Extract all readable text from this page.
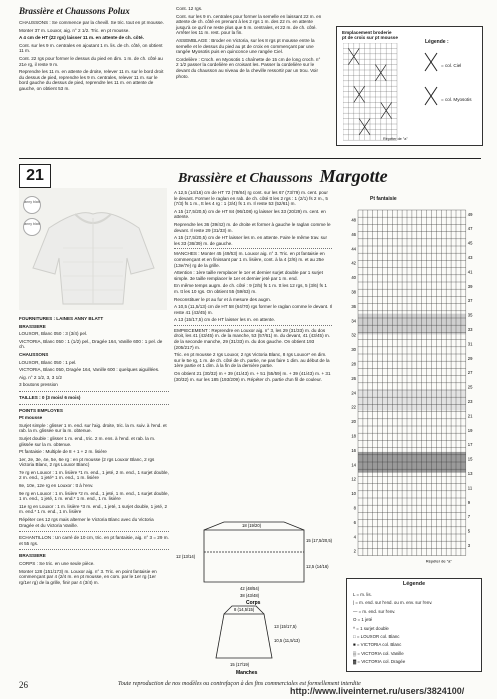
Brassière et Chaussons Polux

CHAUSSONS : Se commence par la chevill. Se tric. tout en pt mousse.

Monter 37 m. Louxor, aig. n° 2 1/2. Tric. en pt mousse.

A 4 cm de HT (22 rgs) laisser 11 m. en attente de ch. côté.

Cont. sur les 9 m. centrales en ajoutant 1 m. lis. de ch. côté, on obtient 11 m.

Cont. 22 rgs pour former le dessus du pied en dim. 1 m. de ch. côté au 21e rg, il reste 9 m.

Reprendre les 11 m. en attente de droite, relever 11 m. sur le bord droit du dessus de pied, reprendre les 9 m. centrales, relever 11 m. sur le bord gauche du dessus de pied, reprendre les 11 m. en attente de gauche, on obtient 53 m.

Cont. 12 rgs.

Cont. sur les 9 m. centrales pour former la semelle en laissant 22 m. en attente de ch. côté en prenant à les 2 rgs 1 m. des 22 m. en attente jusqu'à ce qu'il ne reste plus que 5 m. centrales, et 22 m. de ch. côté. Arrêter les 11 m. rest. pour la fin.

ASSEMBLAGE : Broder en Victoria, sur les 8 rgs pt mousse entre la semelle et le dessus du pied au pt de croix en commençant par une rangée Myosotis puis en quinconce une rangée Ciel.

Cordelière : Croch. en Myosotis 1 chaînette de 15 cm de long croch. n° 2 1/2 passer la cordelière en croisant les. Passer la cordelière sur le devant du chausson au niveau de la cheville ressortir par un trou. Voir photo.

Emplacement broderie
pt de croix sur pt mousse
Légende :
= col. Ciel
= col. Myosotis
Répéter de "a"
21	Brassière et Chaussons Margotte
anny blatt
anny blatt

FOURNITURES : LAINES ANNY BLATT

BRASSIERE

LOUXOR, Blanc 050 : 3 (3/4) pel.

VICTORIA, Blanc 050 : 1 (1/2) pel., Dragée 164, Vanille 600 : 1 pel. de ch.

CHAUSSONS

LOUXOR, Blanc 050 : 1 pel.

VICTORIA, Blanc 050, Dragée 164, Vanille 600 : quelques aiguillées.

Aig. n° 2 1/2, 3, 3 1/2

3 boutons pression

TAILLES : 0 (3 mois/ 6 mois)

POINTS EMPLOYES

Pt mousse

Surjet simple : glisser 1 m. end. sur l'aig. droite, tric. la m. suiv. à l'end. et rab. la m. glissée sur la m. obtenue.

Surjet double : glisser 1 m. end., tric. 2 m. ens. à l'end. et rab. la m. glissée sur la m. obtenue.

Pt fantaisie : Multiple de 8 + 1 + 2 m. lisière

1er, 2e, 3e, 4e, 5e, 6e rg : en pt mousse (2 rgs Louxor Blanc, 2 rgs Victoria Blanc, 2 rgs Louxor Blanc)

7e rg en Louxor : 1 m. lisière *1 m. end., 1 jeté, 2 m. end., 1 surjet double, 2 m. end., 1 jeté* 1 m. end., 1 m. lisière

8e, 10e, 12e rg en Louxor : tt à l'env.

9e rg en Louxor : 1 m. lisière *2 m. end., 1 jeté, 1 m. end., 1 surjet double, 1 m. end., 1 jeté, 1 m. end.* 1 m. end., 1 m. lisière

11e rg en Louxor : 1 m. lisière *3 m. end., 1 jeté, 1 surjet double, 1 jeté, 2 m. end.* 1 m. end., 1 m. lisière

Répéter ces 12 rgs mais alterner le Victoria Blanc avec du Victoria Dragée et du Victoria Vanille.

ECHANTILLON : Un carré de 10 cm, tric. en pt fantaisie, aig. n° 3 = 29 m. et 55 rgs.

BRASSIERE

CORPS : Se tric. en une seule pièce.

Monter 128 (151/173) m. Louxor aig. n° 3. Tric. en point fantaisie en commençant par 4 (2/4 m. en pt mousse, en com. par le 1er rg (1er rg/1er rg) de la grille, finir par 4 (3/4) m.

A 12,5 (14/16) cm de HT 72 (78/84) rg cont. sur les 67 (73/79) m. cent. pour le devant. Former le raglan en rab. de ch. côté tt les 2 rgs : 1 (2/1) fs 2 m., 5 (7/3) fs 1 m., tt les 4 rg : 1 (3/4) fs 1 m. Il reste 53 (52/61) m.

A 15 (17,5/20,5) cm de HT 84 (96/108) rg laisser les 33 (20/29) m. cent. en attente.

Reprendre les 36 (39/42) m. de droite et former à gauche le raglan comme le devant. Il reste 29 (31/33) m.

A 15 (17,5/20,5) cm de HT laisser les m. en attente. Faire le même trav. sur les 33 (36/39) m. de gauche.

MANCHES : Monter 45 (49/53) m. Louxor aig. n° 3. Tric. en pt fantaisie en commençant et en finissant par 1 m. lisière, cont. à la 4 (2/6) m. et au 25e (13e/7e) rg de la grille.

Attention : 1ère taille remplacer le 1er et dernier surjet double par 1 surjet simple. 3e taille remplacer le 1er et dernier jeté par 1 m. end.

En même temps augm. de ch. côté : 9 (2/5) fs 1 m. tt les 12 rgs, 5 (3/6) fs 1 m. tt les 10 rgs. On obtient 55 (59/63) m.

Reconstituer le pt au fur et à mesure des augm.

A 10,5 (11,5/13) cm de HT 58 (64/70) rgs former le raglan comme le devant. Il reste 41 (43/45) m.

A 13 (15/17,5) cm de HT laisser les m. en attente.

EMPIECEMENT : Reprendre en Louxor aig. n° 3, les 29 (31/33) m. du dos droit, les 41 (43/45) m. de la manche, 53 (57/61) m. du devant, 41 (43/45) m. de la seconde manche, 29 (31/33) m. du dos gauche. On obtient 193 (205/217) m.

Tric. en pt mousse 2 rgs Louxor, 2 rgs Victoria Blanc, 8 rgs Louxor* en dim. sur le 5e rg, 1 m. de ch. côté de ch. partie, ne pas faire 1 dim. au début de la 1ère partie et 1 dim. à la fin de la dernière partie.

On obtient 21 (30/32) m + 39 (41/43) m. + 51 (55/59) m. + 39 (41/43) m. + 31 (30/32) m. sur les 185 (193/209) m. Répéter ch. partie d'un fil de couleur.

18 (19/20)
15 (17,5/20,5)
12,5 (14/16)
12 (13/14)
42 (48/54)
38 (43/48)
Corps
8 (14,5/15)
13 (15/17,5)
10,5 (11,5/13)
15 (17/19)
Manches
Pt fantaisie
48
49
46
47
44
45
42
43
40
41
38
39
36
37
34
35
32
33
30
31
28
29
26
27
24
25
22
23
20
21
18
19
16
17
14
15
12
13
10
11
8
9
6
7
4
5
2
3
Répéter de "a"
Légende
L = m. lis.
| = m. end. sur l'end. ou m. env. sur l'env.
— = m. end. sur l'env.
O = 1 jeté
^ = 1 surjet double
□ = LOUXOR col. Blanc
■ = VICTORIA col. Blanc
▒ = VICTORIA col. Vanille
▓ = VICTORIA col. Dragée
26	Toute reproduction de nos modèles ou contrefaçon à des fins commerciales est formellement interdite
http://www.liveinternet.ru/users/3824100/
